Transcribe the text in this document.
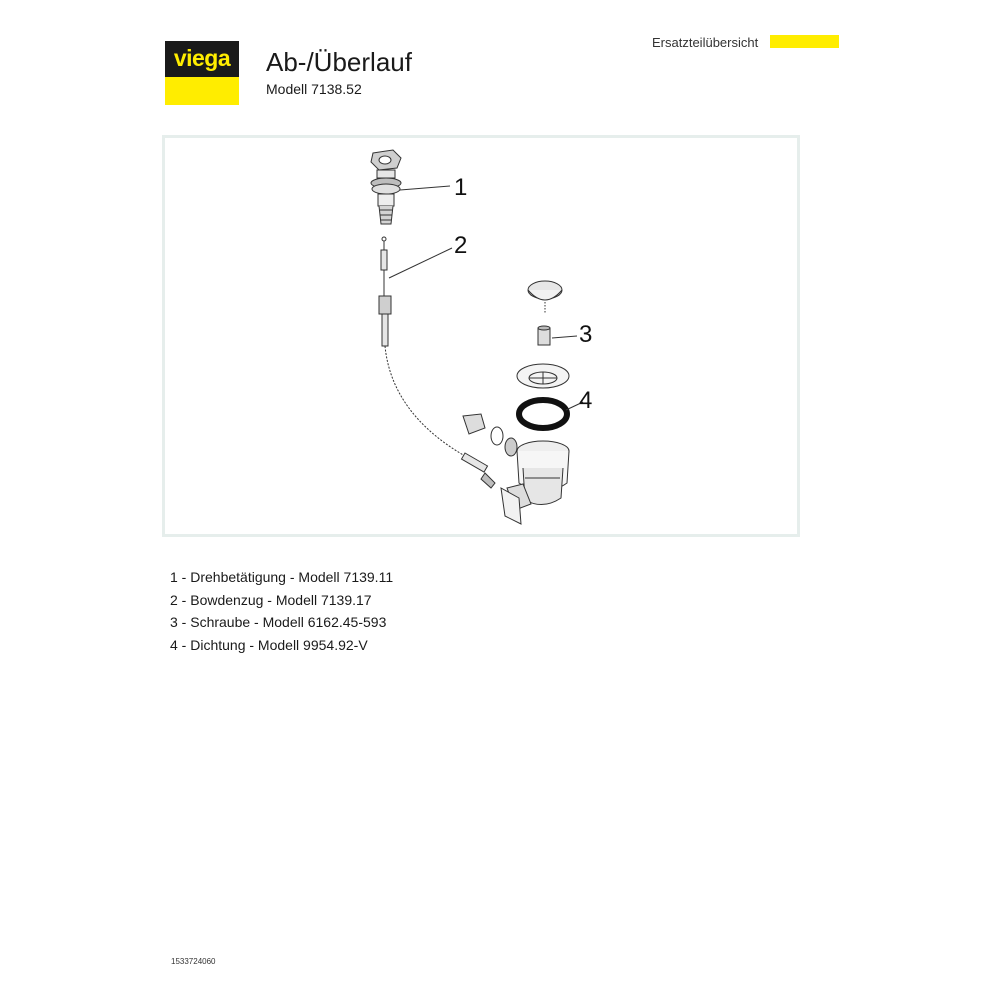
viega	Ab-/Überlauf
Modell 7138.52
Ersatzteilübersicht
1
2
3
4
1 - Drehbetätigung - Modell 7139.11
2 - Bowdenzug - Modell 7139.17
3 - Schraube - Modell 6162.45-593
4 - Dichtung - Modell 9954.92-V
1533724060
